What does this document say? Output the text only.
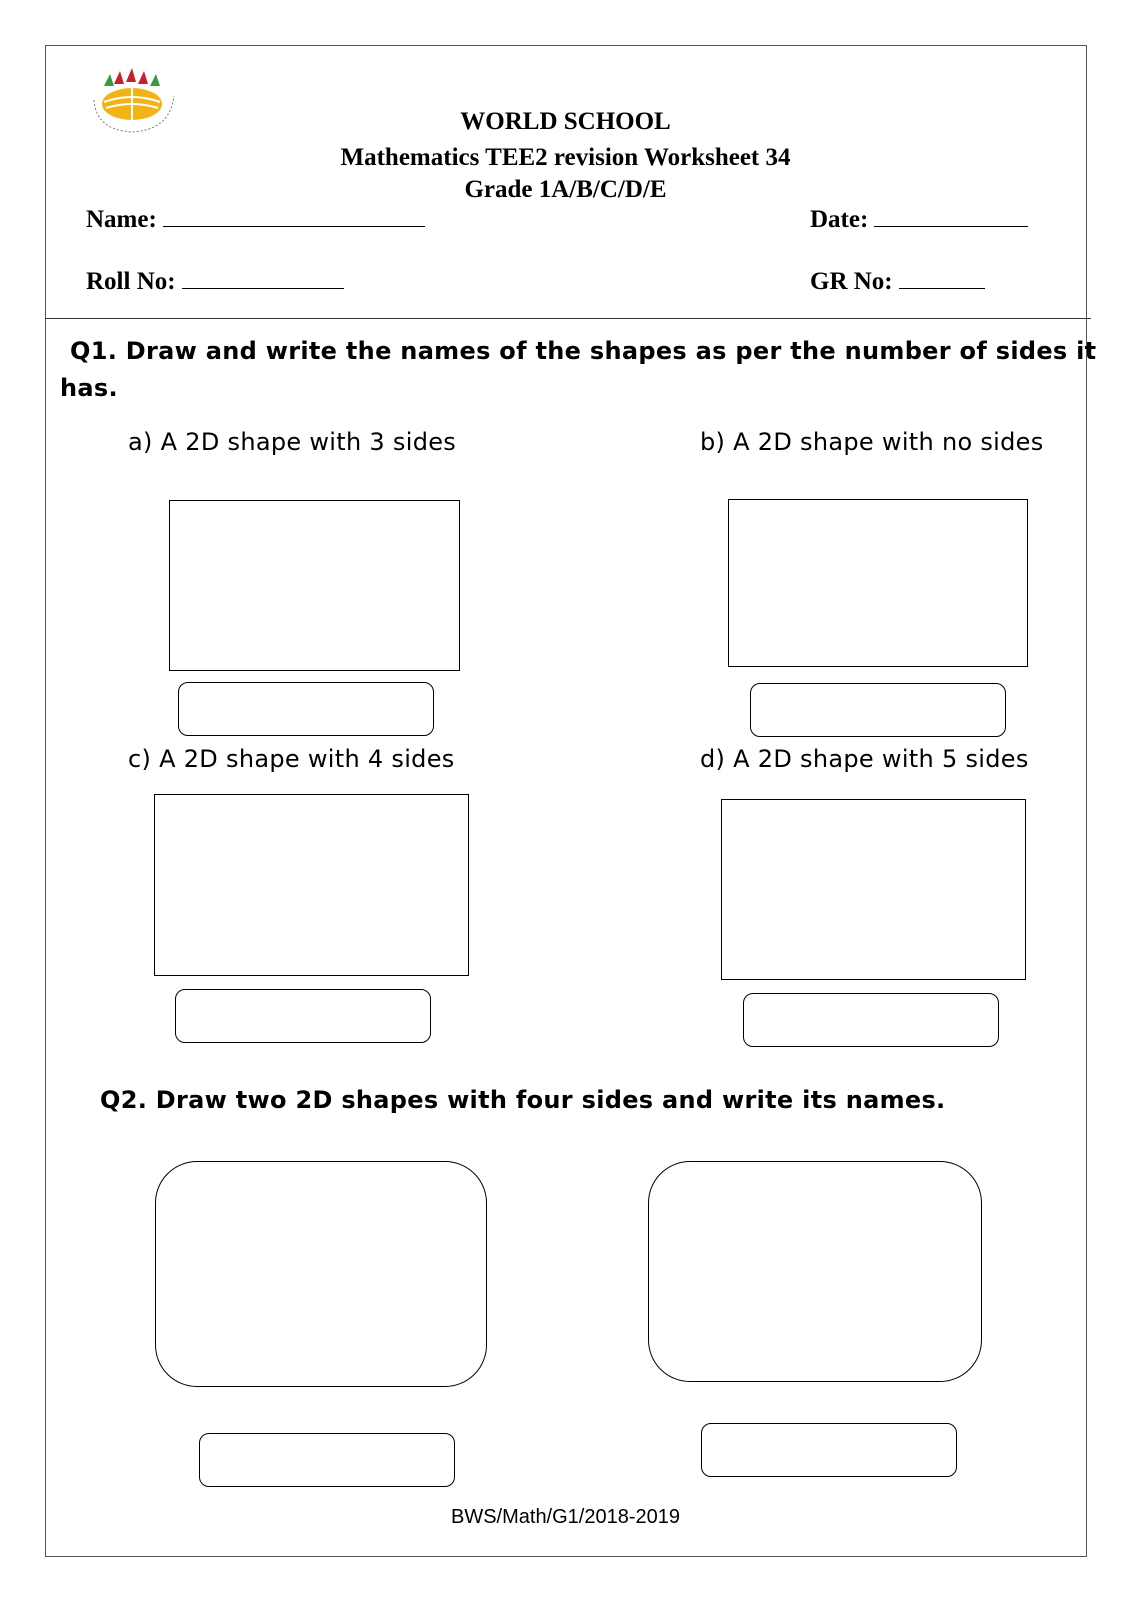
WORLD SCHOOL
Mathematics TEE2 revision Worksheet 34
Grade 1A/B/C/D/E
Name:	Date:
Roll No:	GR No:
Q1. Draw and write the names of the shapes as per the number of sides it
has.
a) A 2D shape with 3 sides	b) A 2D shape with no sides
c) A 2D shape with 4 sides	d) A 2D shape with 5 sides
Q2. Draw two 2D shapes with four sides and write its names.
BWS/Math/G1/2018-2019
